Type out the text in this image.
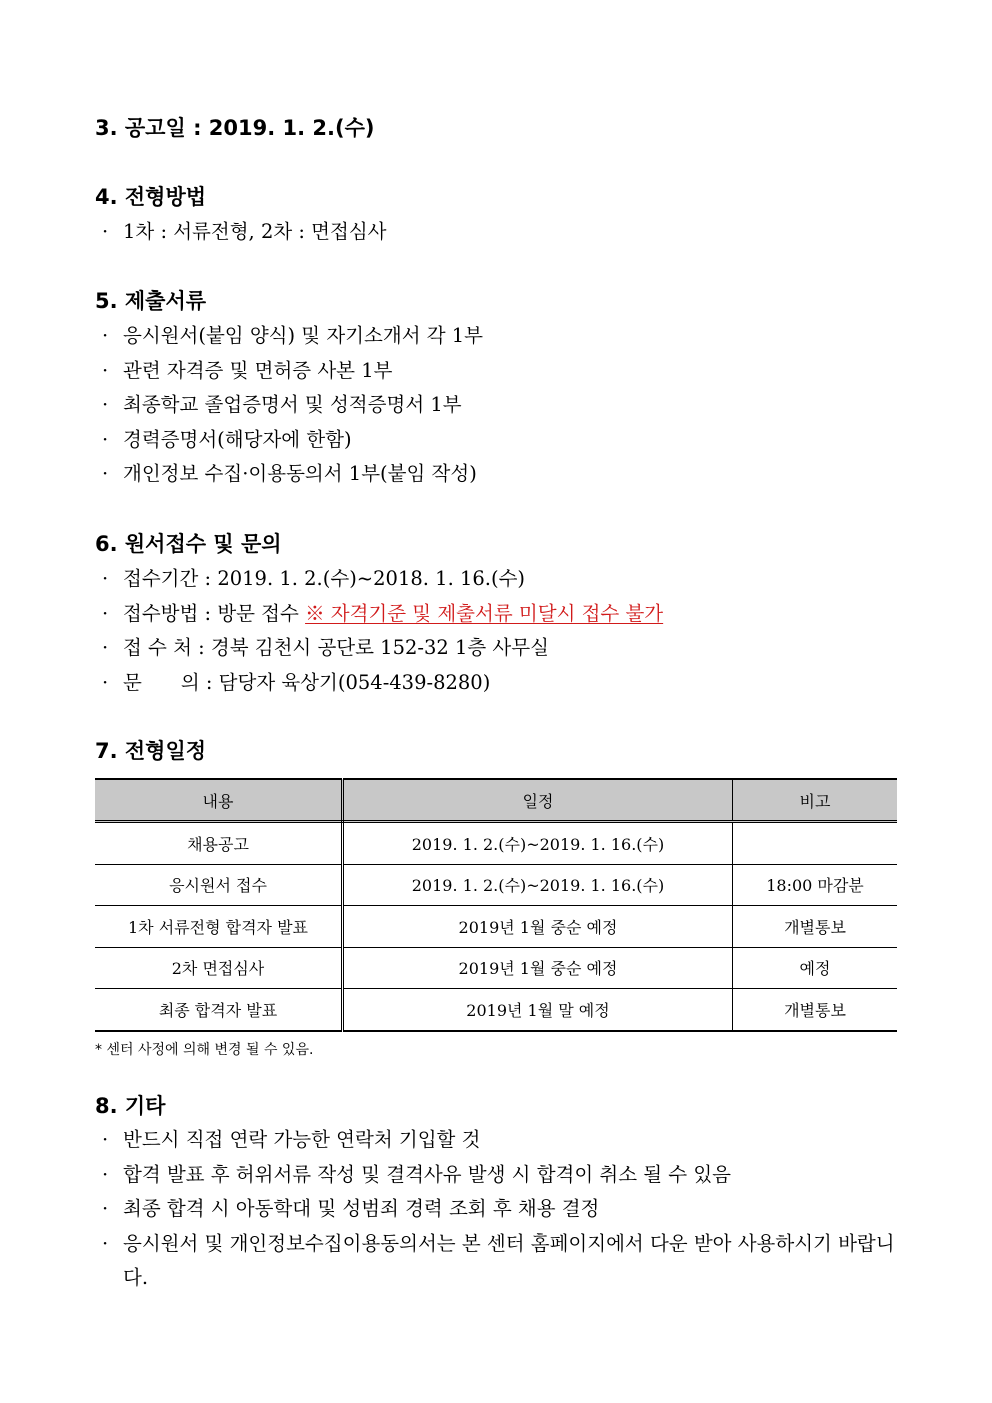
3. 공고일 : 2019. 1. 2.(수)
4. 전형방법
· 1차 : 서류전형, 2차 : 면접심사
5. 제출서류
· 응시원서(붙임 양식) 및 자기소개서 각 1부
· 관련 자격증 및 면허증 사본 1부
· 최종학교 졸업증명서 및 성적증명서 1부
· 경력증명서(해당자에 한함)
· 개인정보 수집·이용동의서 1부(붙임 작성)
6. 원서접수 및 문의
· 접수기간 : 2019. 1. 2.(수)~2018. 1. 16.(수)
· 접수방법 : 방문 접수 ※ 자격기준 및 제출서류 미달시 접수 불가
· 접 수 처 : 경북 김천시 공단로 152-32 1층 사무실
· 문　　의 : 담당자 육상기(054-439-8280)
7. 전형일정
내용	일정	비고
채용공고	2019. 1. 2.(수)~2019. 1. 16.(수)	
응시원서 접수	2019. 1. 2.(수)~2019. 1. 16.(수)	18:00 마감분
1차 서류전형 합격자 발표	2019년 1월 중순 예정	개별통보
2차 면접심사	2019년 1월 중순 예정	예정
최종 합격자 발표	2019년 1월 말 예정	개별통보
* 센터 사정에 의해 변경 될 수 있음.
8. 기타
· 반드시 직접 연락 가능한 연락처 기입할 것
· 합격 발표 후 허위서류 작성 및 결격사유 발생 시 합격이 취소 될 수 있음
· 최종 합격 시 아동학대 및 성범죄 경력 조회 후 채용 결정
· 응시원서 및 개인정보수집이용동의서는 본 센터 홈페이지에서 다운 받아 사용하시기 바랍니다.
